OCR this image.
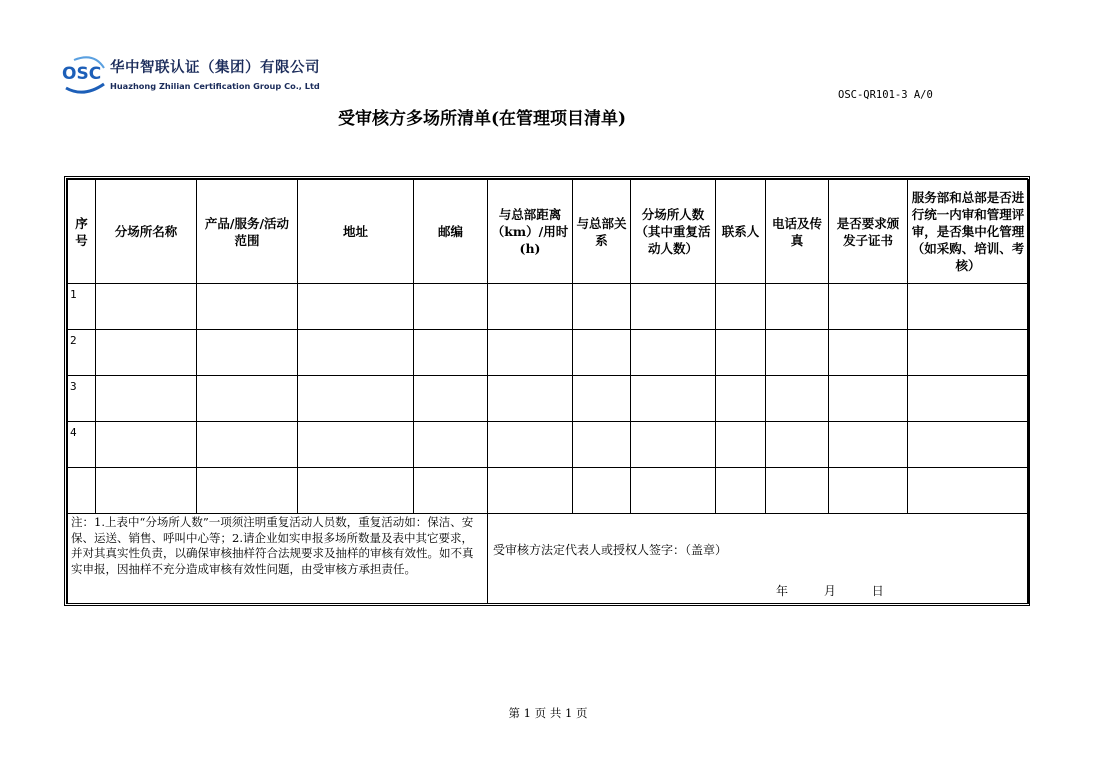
OSC 华中智联认证（集团）有限公司
Huazhong Zhilian Certification Group Co., Ltd
OSC-QR101-3 A/0
受审核方多场所清单(在管理项目清单)
序号	分场所名称	产品/服务/活动范围	地址	邮编	与总部距离（km）/用时(h)	与总部关系	分场所人数（其中重复活动人数）	联系人	电话及传真	是否要求颁发子证书	服务部和总部是否进行统一内审和管理评审，是否集中化管理（如采购、培训、考核）
1											
2											
3											
4											

注：1.上表中“分场所人数”一项须注明重复活动人员数，重复活动如：保洁、安保、运送、销售、呼叫中心等；2.请企业如实申报多场所数量及表中其它要求，并对其真实性负责，以确保审核抽样符合法规要求及抽样的审核有效性。如不真实申报，因抽样不充分造成审核有效性问题，由受审核方承担责任。					受审核方法定代表人或授权人签字：（盖章）
年 月 日						
第 1 页 共 1 页
